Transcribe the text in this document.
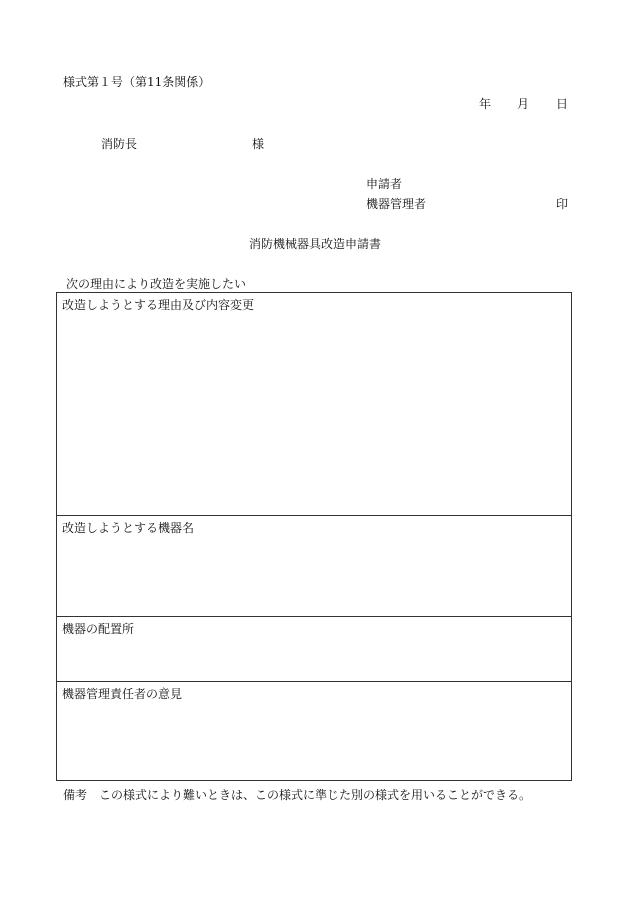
様式第１号（第11条関係）

年 月 日

消防長	様

申請者

機器管理者	印

消防機械器具改造申請書

次の理由により改造を実施したい

改造しようとする理由及び内容変更
改造しようとする機器名
機器の配置所
機器管理責任者の意見

備考　この様式により難いときは、この様式に準じた別の様式を用いることができる。
